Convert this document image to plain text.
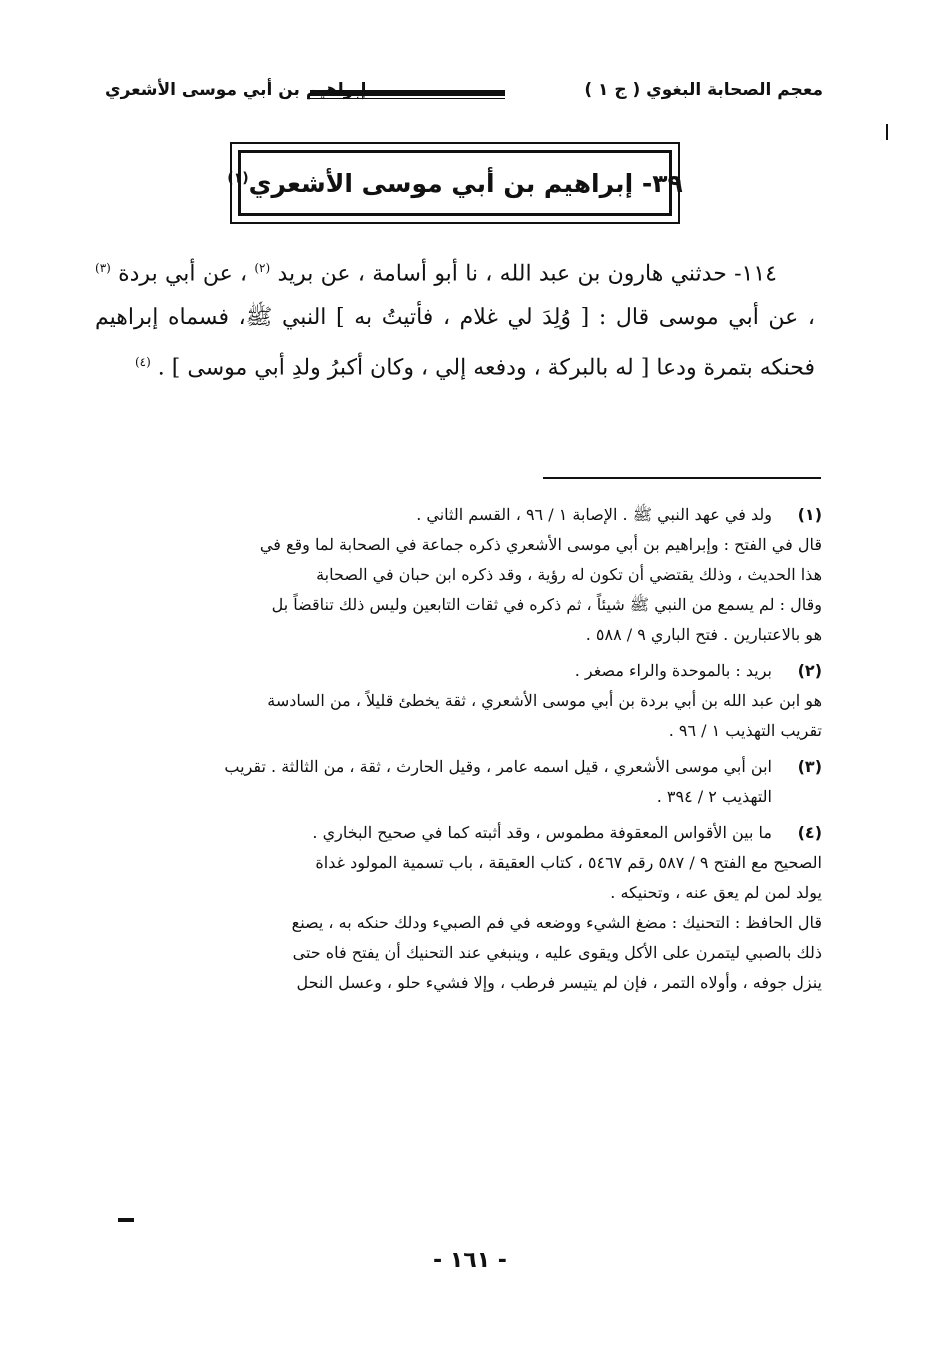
معجم الصحابة البغوي ( ج ١ )
إبراهيم بن أبي موسى الأشعري
٣٩- إبراهيم بن أبي موسى الأشعري$^{(١)}$

١١٤- حدثني هارون بن عبد الله ، نا أبو أسامة ، عن بريد $^{(٢)}$ ، عن أبي بردة $^{(٣)}$ ، عن أبي موسى قال : [ وُلِدَ لي غلام ، فأتيتُ به ] النبي ﷺ، فسماه إبراهيم فحنكه بتمرة ودعا [ له بالبركة ، ودفعه إلي ، وكان أكبرُ ولدِ أبي موسى ] . $^{(٤)}$

(١)
ولد في عهد النبي ﷺ . الإصابة ١ / ٩٦ ، القسم الثاني .
قال في الفتح : وإبراهيم بن أبي موسى الأشعري ذكره جماعة في الصحابة لما وقع في
هذا الحديث ، وذلك يقتضي أن تكون له رؤية ، وقد ذكره ابن حبان في الصحابة
وقال : لم يسمع من النبي ﷺ شيئاً ، ثم ذكره في ثقات التابعين وليس ذلك تناقضاً بل
هو بالاعتبارين . فتح الباري ٩ / ٥٨٨ .
(٢)
بريد : بالموحدة والراء مصغر .
هو ابن عبد الله بن أبي بردة بن أبي موسى الأشعري ، ثقة يخطئ قليلاً ، من السادسة
تقريب التهذيب ١ / ٩٦ .
(٣)
ابن أبي موسى الأشعري ، قيل اسمه عامر ، وقيل الحارث ، ثقة ، من الثالثة . تقريب
التهذيب ٢ / ٣٩٤ .
(٤)
ما بين الأقواس المعقوفة مطموس ، وقد أثبته كما في صحيح البخاري .
الصحيح مع الفتح ٩ / ٥٨٧ رقم ٥٤٦٧ ، كتاب العقيقة ، باب تسمية المولود غداة
يولد لمن لم يعق عنه ، وتحنيكه .
قال الحافظ : التحنيك : مضغ الشيء ووضعه في فم الصبيء ودلك حنكه به ، يصنع
ذلك بالصبي ليتمرن على الأكل ويقوى عليه ، وينبغي عند التحنيك أن يفتح فاه حتى
ينزل جوفه ، وأولاه التمر ، فإن لم يتيسر فرطب ، وإلا فشيء حلو ، وعسل النحل
- ١٦١ -
